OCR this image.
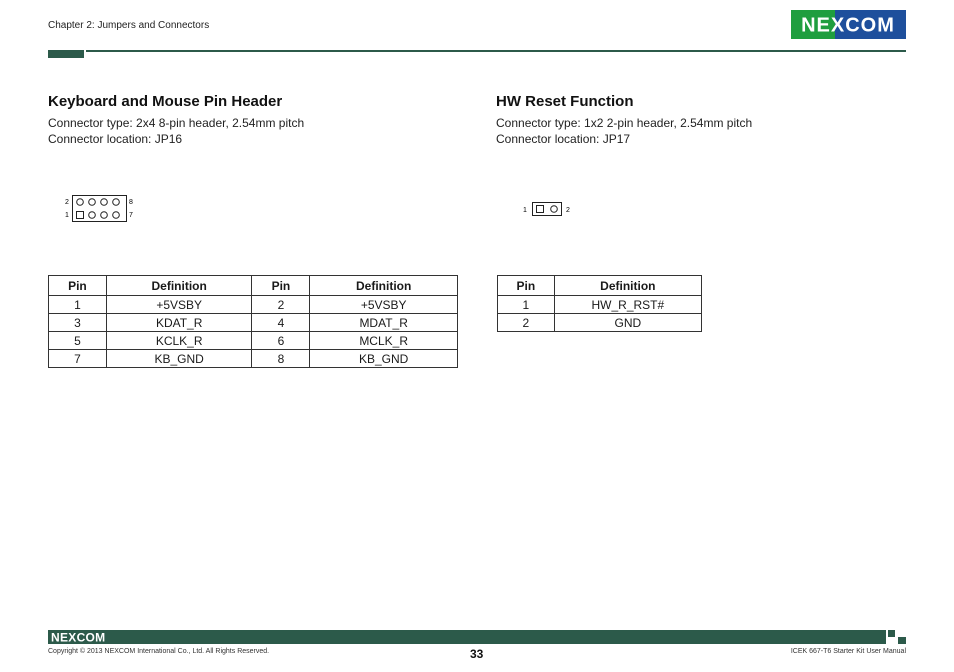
Chapter 2: Jumpers and Connectors	NEXCOM
Keyboard and Mouse Pin Header
Connector type: 2x4 8-pin header, 2.54mm pitch
Connector location: JP16
2
1
8
7
Pin	Definition	Pin	Definition
1	+5VSBY	2	+5VSBY
3	KDAT_R	4	MDAT_R
5	KCLK_R	6	MCLK_R
7	KB_GND	8	KB_GND
HW Reset Function
Connector type: 1x2 2-pin header, 2.54mm pitch
Connector location: JP17
1	2
Pin	Definition
1	HW_R_RST#
2	GND
NEXCOM
Copyright © 2013 NEXCOM International Co., Ltd. All Rights Reserved.	33	ICEK 667-T6 Starter Kit User Manual
